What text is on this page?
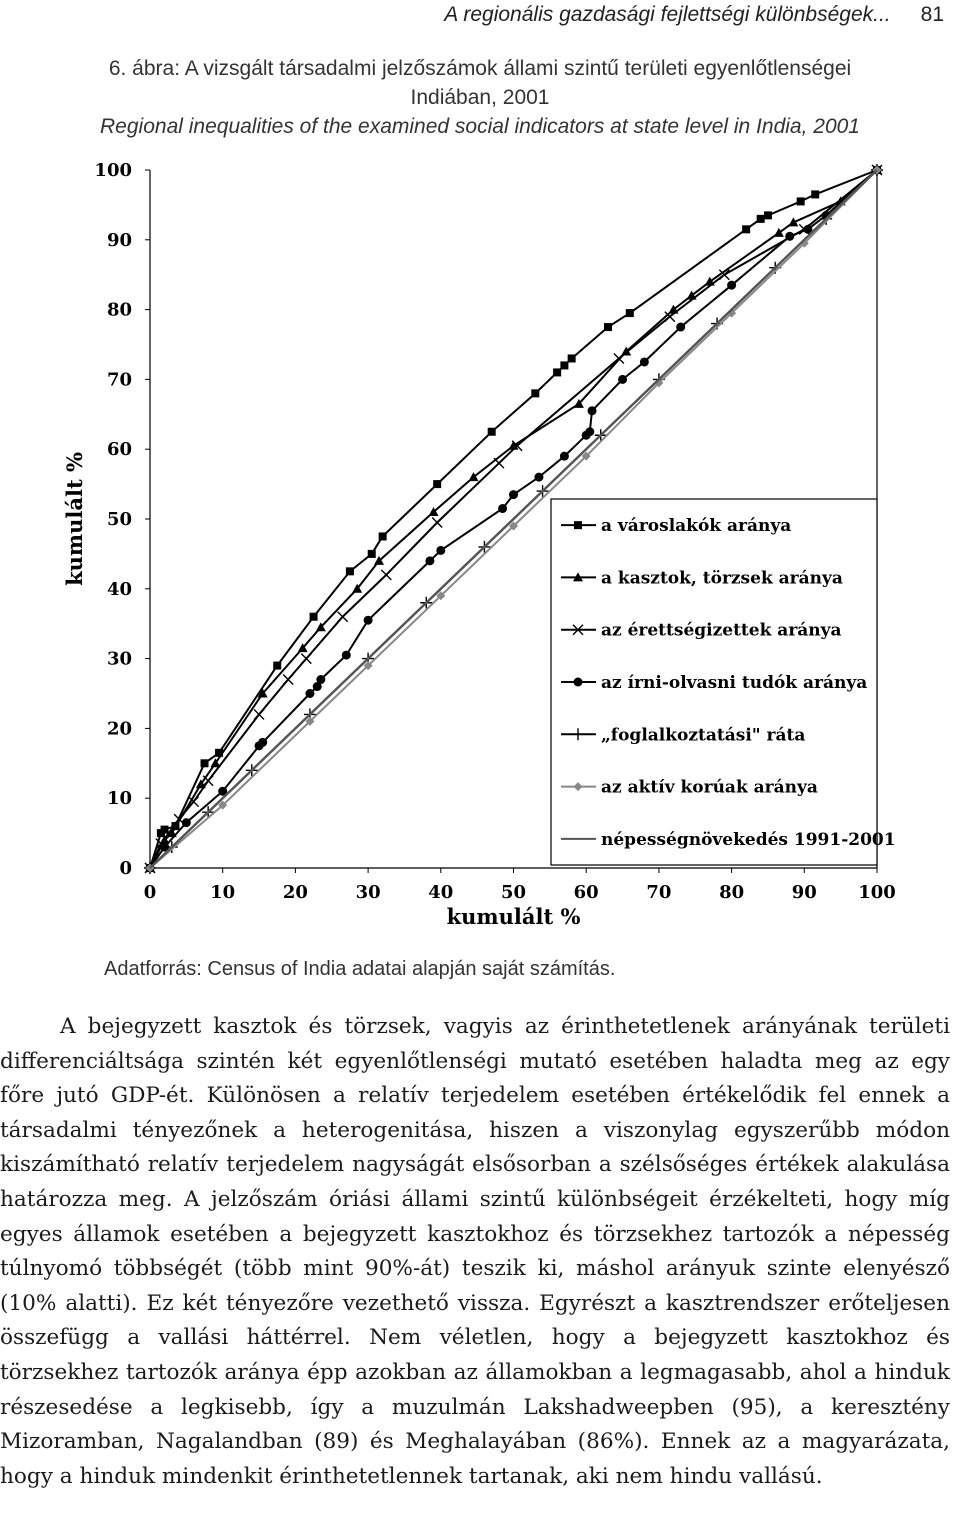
A regionális gazdasági fejlettségi különbségek... 81
6. ábra: A vizsgált társadalmi jelzőszámok állami szintű területi egyenlőtlenségei
Indiában, 2001
Regional inequalities of the examined social indicators at state level in India, 2001
0	10	20	30	40	50	60	70	80	90 100
0
10
20
30
40
50
60
70
80
90
100
kumulált %
kumulált %	a városlakók aránya
a kasztok, törzsek aránya
az érettségizettek aránya
az írni-olvasni tudók aránya
„foglalkoztatási" ráta
az aktív korúak aránya
népességnövekedés 1991-2001
Adatforrás: Census of India adatai alapján saját számítás.

A bejegyzett kasztok és törzsek, vagyis az érinthetetlenek arányának területi differenciáltsága szintén két egyenlőtlenségi mutató esetében haladta meg az egy főre jutó GDP-ét. Különösen a relatív terjedelem esetében értékelődik fel ennek a társadalmi tényezőnek a heterogenitása, hiszen a viszonylag egyszerűbb módon kiszámítható relatív terjedelem nagyságát elsősorban a szélsőséges értékek alakulása határozza meg. A jelzőszám óriási állami szintű különbségeit érzékelteti, hogy míg egyes államok esetében a bejegyzett kasztokhoz és törzsekhez tartozók a népesség túlnyomó többségét (több mint 90%-át) teszik ki, máshol arányuk szinte elenyésző (10% alatti). Ez két tényezőre vezethető vissza. Egyrészt a kasztrendszer erőteljesen összefügg a vallási háttérrel. Nem véletlen, hogy a bejegyzett kasztokhoz és törzsekhez tartozók aránya épp azokban az államokban a legmagasabb, ahol a hinduk részesedése a legkisebb, így a muzulmán Lakshadweepben (95), a keresztény Mizoramban, Nagalandban (89) és Meghalayában (86%). Ennek az a magyarázata, hogy a hinduk mindenkit érinthetetlennek tartanak, aki nem hindu vallású.
